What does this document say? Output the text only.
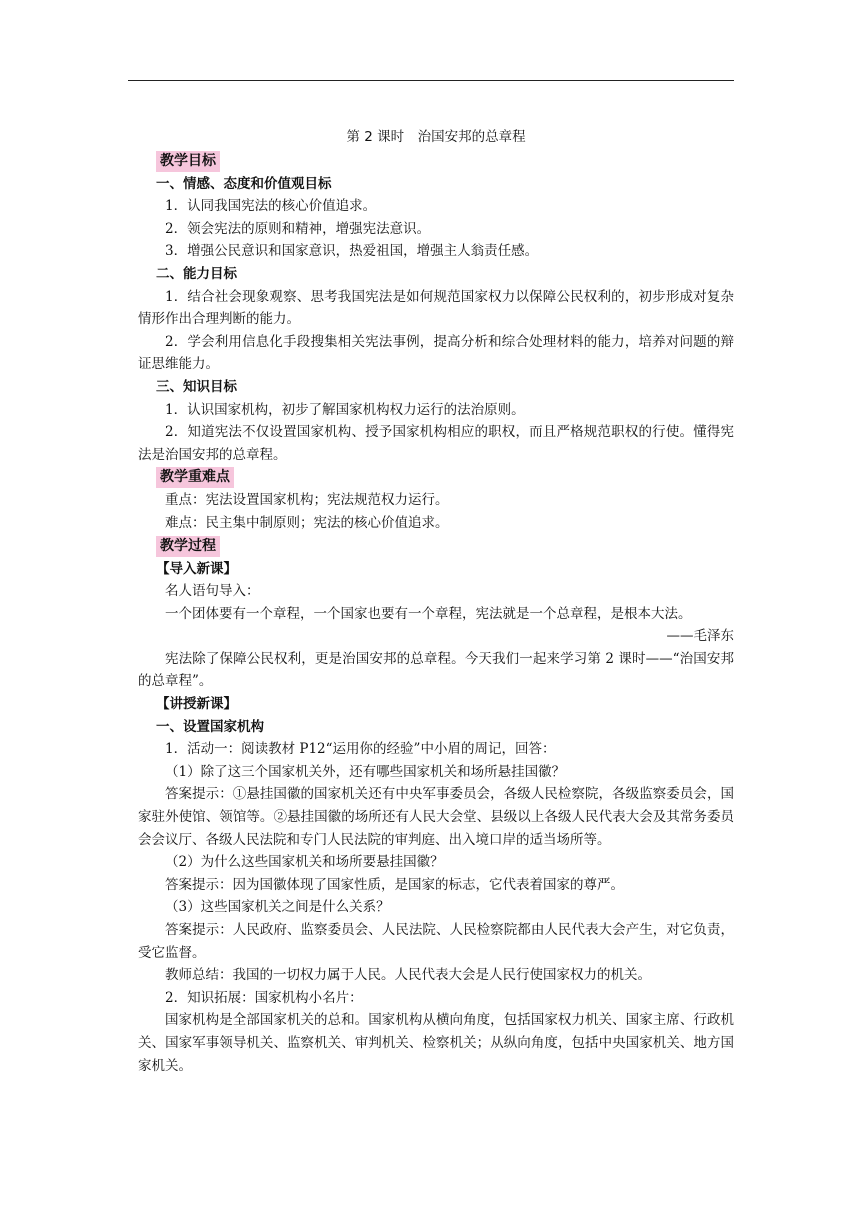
第 2 课时　治国安邦的总章程
教学目标
一、情感、态度和价值观目标
1．认同我国宪法的核心价值追求。
2．领会宪法的原则和精神，增强宪法意识。
3．增强公民意识和国家意识，热爱祖国，增强主人翁责任感。
二、能力目标
1．结合社会现象观察、思考我国宪法是如何规范国家权力以保障公民权利的，初步形成对复杂情形作出合理判断的能力。
2．学会利用信息化手段搜集相关宪法事例，提高分析和综合处理材料的能力，培养对问题的辩证思维能力。
三、知识目标
1．认识国家机构，初步了解国家机构权力运行的法治原则。
2．知道宪法不仅设置国家机构、授予国家机构相应的职权，而且严格规范职权的行使。懂得宪法是治国安邦的总章程。
教学重难点
重点：宪法设置国家机构；宪法规范权力运行。
难点：民主集中制原则；宪法的核心价值追求。
教学过程
【导入新课】
名人语句导入：
一个团体要有一个章程，一个国家也要有一个章程，宪法就是一个总章程，是根本大法。
——毛泽东
宪法除了保障公民权利，更是治国安邦的总章程。今天我们一起来学习第 2 课时——“治国安邦的总章程”。
【讲授新课】
一、设置国家机构
1．活动一：阅读教材 P12“运用你的经验”中小眉的周记，回答：
（1）除了这三个国家机关外，还有哪些国家机关和场所悬挂国徽？
答案提示：①悬挂国徽的国家机关还有中央军事委员会，各级人民检察院，各级监察委员会，国家驻外使馆、领馆等。②悬挂国徽的场所还有人民大会堂、县级以上各级人民代表大会及其常务委员会会议厅、各级人民法院和专门人民法院的审判庭、出入境口岸的适当场所等。
（2）为什么这些国家机关和场所要悬挂国徽？
答案提示：因为国徽体现了国家性质，是国家的标志，它代表着国家的尊严。
（3）这些国家机关之间是什么关系？
答案提示：人民政府、监察委员会、人民法院、人民检察院都由人民代表大会产生，对它负责，受它监督。
教师总结：我国的一切权力属于人民。人民代表大会是人民行使国家权力的机关。
2．知识拓展：国家机构小名片：
国家机构是全部国家机关的总和。国家机构从横向角度，包括国家权力机关、国家主席、行政机关、国家军事领导机关、监察机关、审判机关、检察机关；从纵向角度，包括中央国家机关、地方国家机关。
